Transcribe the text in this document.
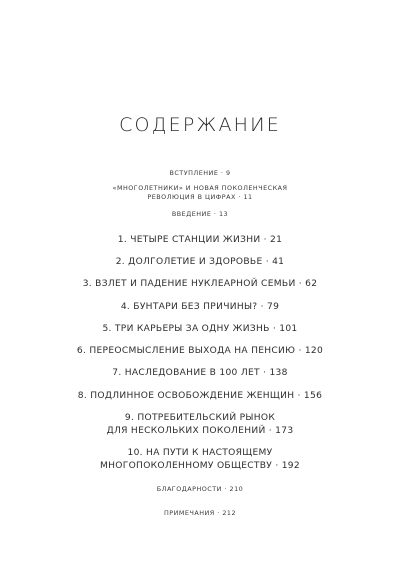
СОДЕРЖАНИЕ
ВСТУПЛЕНИЕ · 9
«МНОГОЛЕТНИКИ» И НОВАЯ ПОКОЛЕНЧЕСКАЯ
РЕВОЛЮЦИЯ В ЦИФРАХ · 11
ВВЕДЕНИЕ · 13
1. ЧЕТЫРЕ СТАНЦИИ ЖИЗНИ · 21
2. ДОЛГОЛЕТИЕ И ЗДОРОВЬЕ · 41
3. ВЗЛЕТ И ПАДЕНИЕ НУКЛЕАРНОЙ СЕМЬИ · 62
4. БУНТАРИ БЕЗ ПРИЧИНЫ? · 79
5. ТРИ КАРЬЕРЫ ЗА ОДНУ ЖИЗНЬ · 101
6. ПЕРЕОСМЫСЛЕНИЕ ВЫХОДА НА ПЕНСИЮ · 120
7. НАСЛЕДОВАНИЕ В 100 ЛЕТ · 138
8. ПОДЛИННОЕ ОСВОБОЖДЕНИЕ ЖЕНЩИН · 156
9. ПОТРЕБИТЕЛЬСКИЙ РЫНОК
ДЛЯ НЕСКОЛЬКИХ ПОКОЛЕНИЙ · 173
10. НА ПУТИ К НАСТОЯЩЕМУ
МНОГОПОКОЛЕННОМУ ОБЩЕСТВУ · 192
БЛАГОДАРНОСТИ · 210
ПРИМЕЧАНИЯ · 212
